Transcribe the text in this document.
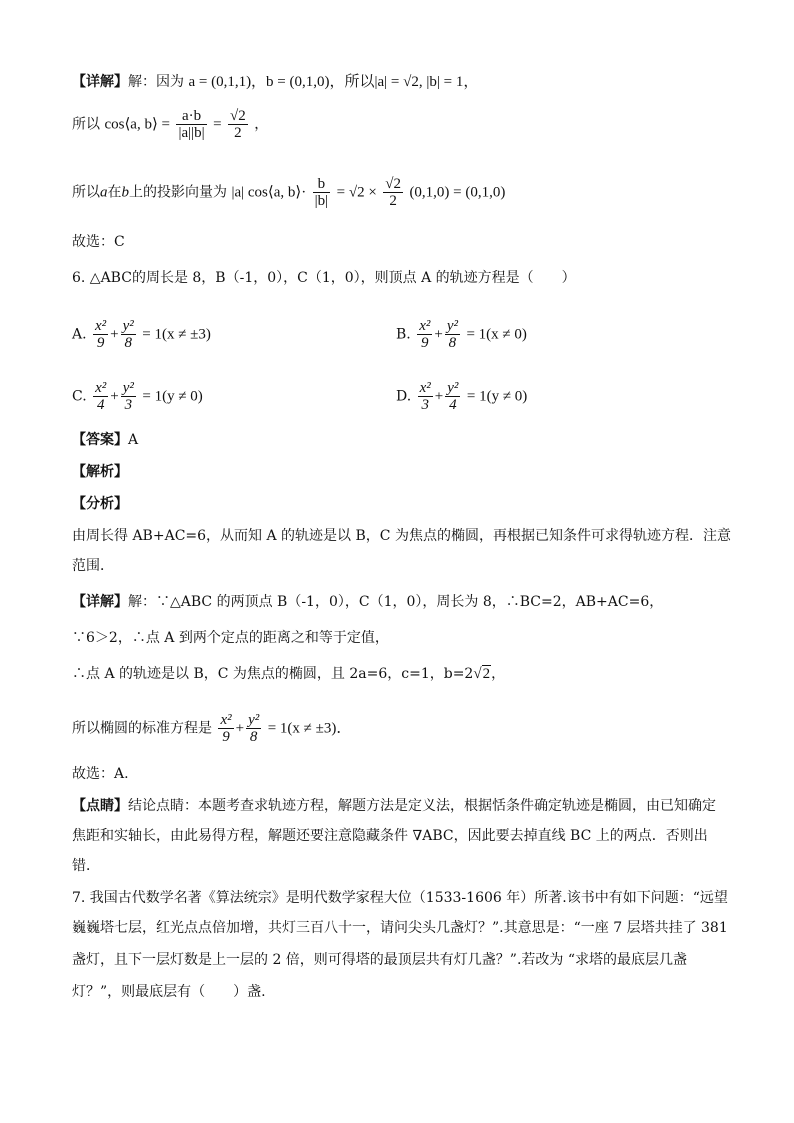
【详解】解：因为 a = (0,1,1)，b = (0,1,0)，所以|a| = √2, |b| = 1，
所以 cos⟨a, b⟩ = $\frac{a\cdot b}{|a||b|} = \frac{√2}{2}$ ，
所以a在b上的投影向量为 |a| cos⟨a, b⟩· $\frac{b}{|b|} = √2 \times \frac{√2}{2} (0,1,0) = (0,1,0)$
故选：C
6. △ABC的周长是 8，B（-1，0），C（1，0），则顶点 A 的轨迹方程是（　　）
A. $\frac{\text{x²}}{9} + \frac{\text{y²}}{8} = 1(x \ne \pm 3)$	B. $\frac{\text{x²}}{9} + \frac{\text{y²}}{8} = 1(x \ne 0)$
C. $\frac{\text{x²}}{4} + \frac{\text{y²}}{3} = 1(y \ne 0)$	D. $\frac{\text{x²}}{3} + \frac{\text{y²}}{4} = 1(y \ne 0)$
【答案】A
【解析】
【分析】
由周长得 AB+AC=6，从而知 A 的轨迹是以 B，C 为焦点的椭圆，再根据已知条件可求得轨迹方程．注意
范围．
【详解】解：∵△ABC 的两顶点 B（-1，0），C（1，0），周长为 8，∴BC=2，AB+AC=6，
∵6＞2，∴点 A 到两个定点的距离之和等于定值，
∴点 A 的轨迹是以 B，C 为焦点的椭圆，且 2a=6，c=1，b=2√2，
所以椭圆的标准方程是 $\frac{\text{x²}}{9} + \frac{\text{y²}}{8} = 1(x \ne \pm 3)$．
故选：A.
【点睛】结论点睛：本题考查求轨迹方程，解题方法是定义法，根据恬条件确定轨迹是椭圆，由已知确定
焦距和实轴长，由此易得方程，解题还要注意隐藏条件 ∇ABC，因此要去掉直线 BC 上的两点．否则出
错．
7. 我国古代数学名著《算法统宗》是明代数学家程大位（1533-1606 年）所著.该书中有如下问题：“远望
巍巍塔七层，红光点点倍加增，共灯三百八十一，请问尖头几盏灯？”.其意思是：“一座 7 层塔共挂了 381
盏灯，且下一层灯数是上一层的 2 倍，则可得塔的最顶层共有灯几盏？”.若改为 “求塔的最底层几盏
灯？”，则最底层有（　　）盏.
